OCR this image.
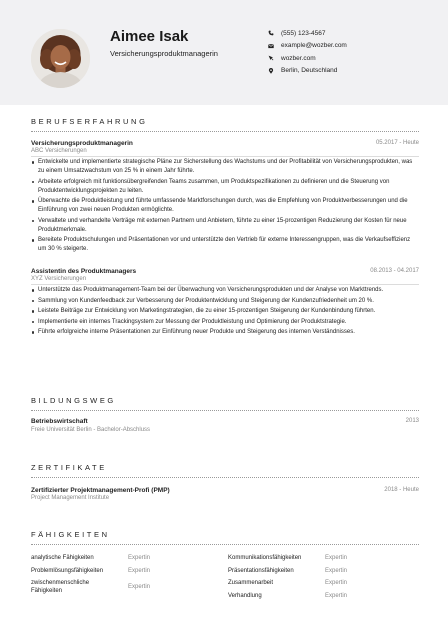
Aimee Isak
Versicherungsproduktmanagerin
(555) 123-4567
example@wozber.com
wozber.com
Berlin, Deutschland
BERUFSERFAHRUNG
Versicherungsproduktmanagerin	05.2017 - Heute
ABC Versicherungen
Entwickelte und implementierte strategische Pläne zur Sicherstellung des Wachstums und der Profitabilität von Versicherungsprodukten, was zu einem Umsatzwachstum von 25 % in einem Jahr führte.
Arbeitete erfolgreich mit funktionsübergreifenden Teams zusammen, um Produktspezifikationen zu definieren und die Steuerung von Produktentwicklungsprojekten zu leiten.
Überwachte die Produktleistung und führte umfassende Marktforschungen durch, was die Empfehlung von Produktverbesserungen und die Einführung von zwei neuen Produkten ermöglichte.
Verwaltete und verhandelte Verträge mit externen Partnern und Anbietern, führte zu einer 15-prozentigen Reduzierung der Kosten für neue Produktmerkmale.
Bereitete Produktschulungen und Präsentationen vor und unterstützte den Vertrieb für externe Interessengruppen, was die Verkaufseffizienz um 30 % steigerte.
Assistentin des Produktmanagers	08.2013 - 04.2017
XYZ Versicherungen
Unterstützte das Produktmanagement-Team bei der Überwachung von Versicherungsprodukten und der Analyse von Markttrends.
Sammlung von Kundenfeedback zur Verbesserung der Produktentwicklung und Steigerung der Kundenzufriedenheit um 20 %.
Leistete Beiträge zur Entwicklung von Marketingstrategien, die zu einer 15-prozentigen Steigerung der Kundenbindung führten.
Implementierte ein internes Trackingsystem zur Messung der Produktleistung und Optimierung der Produktstrategie.
Führte erfolgreiche interne Präsentationen zur Einführung neuer Produkte und Steigerung des internen Verständnisses.
BILDUNGSWEG
Betriebswirtschaft	2013
Freie Universität Berlin - Bachelor-Abschluss
ZERTIFIKATE
Zertifizierter Projektmanagement-Profi (PMP)	2018 - Heute
Project Management Institute
FÄHIGKEITEN
analytische Fähigkeiten	Expertin
Problemlösungsfähigkeiten	Expertin
zwischenmenschliche Fähigkeiten
Expertin
Kommunikationsfähigkeiten	Expertin
Präsentationsfähigkeiten	Expertin
Zusammenarbeit	Expertin
Verhandlung	Expertin
